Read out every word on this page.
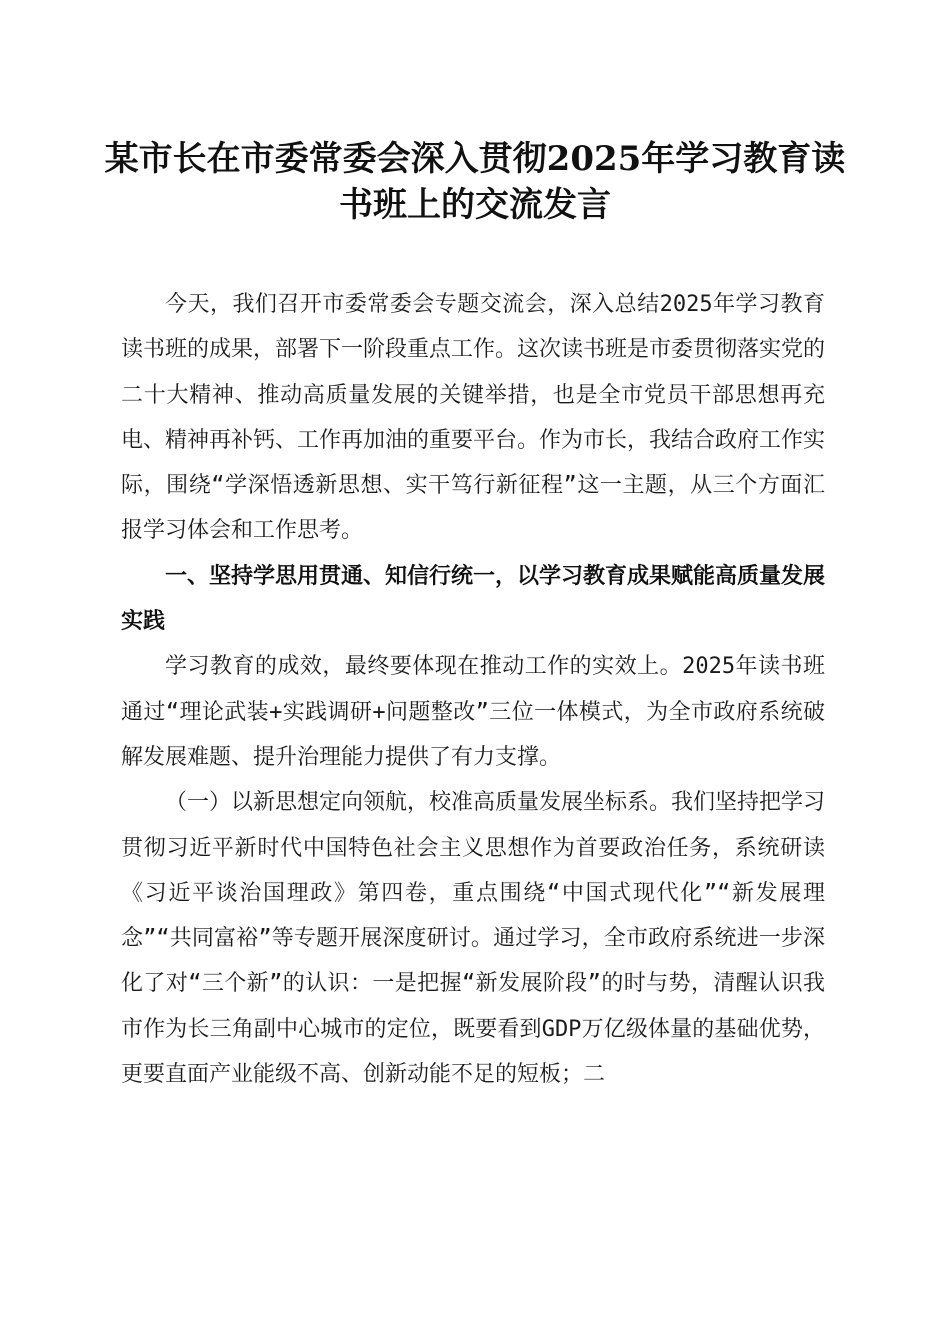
某市长在市委常委会深入贯彻2025年学习教育读书班上的交流发言

今天，我们召开市委常委会专题交流会，深入总结2025年学习教育读书班的成果，部署下一阶段重点工作。这次读书班是市委贯彻落实党的二十大精神、推动高质量发展的关键举措，也是全市党员干部思想再充电、精神再补钙、工作再加油的重要平台。作为市长，我结合政府工作实际，围绕“学深悟透新思想、实干笃行新征程”这一主题，从三个方面汇报学习体会和工作思考。

一、坚持学思用贯通、知信行统一，以学习教育成果赋能高质量发展实践

学习教育的成效，最终要体现在推动工作的实效上。2025年读书班通过“理论武装+实践调研+问题整改”三位一体模式，为全市政府系统破解发展难题、提升治理能力提供了有力支撑。

（一）以新思想定向领航，校准高质量发展坐标系。我们坚持把学习贯彻习近平新时代中国特色社会主义思想作为首要政治任务，系统研读《习近平谈治国理政》第四卷，重点围绕“中国式现代化”“新发展理念”“共同富裕”等专题开展深度研讨。通过学习，全市政府系统进一步深化了对“三个新”的认识：一是把握“新发展阶段”的时与势，清醒认识我市作为长三角副中心城市的定位，既要看到GDP万亿级体量的基础优势，更要直面产业能级不高、创新动能不足的短板；二
